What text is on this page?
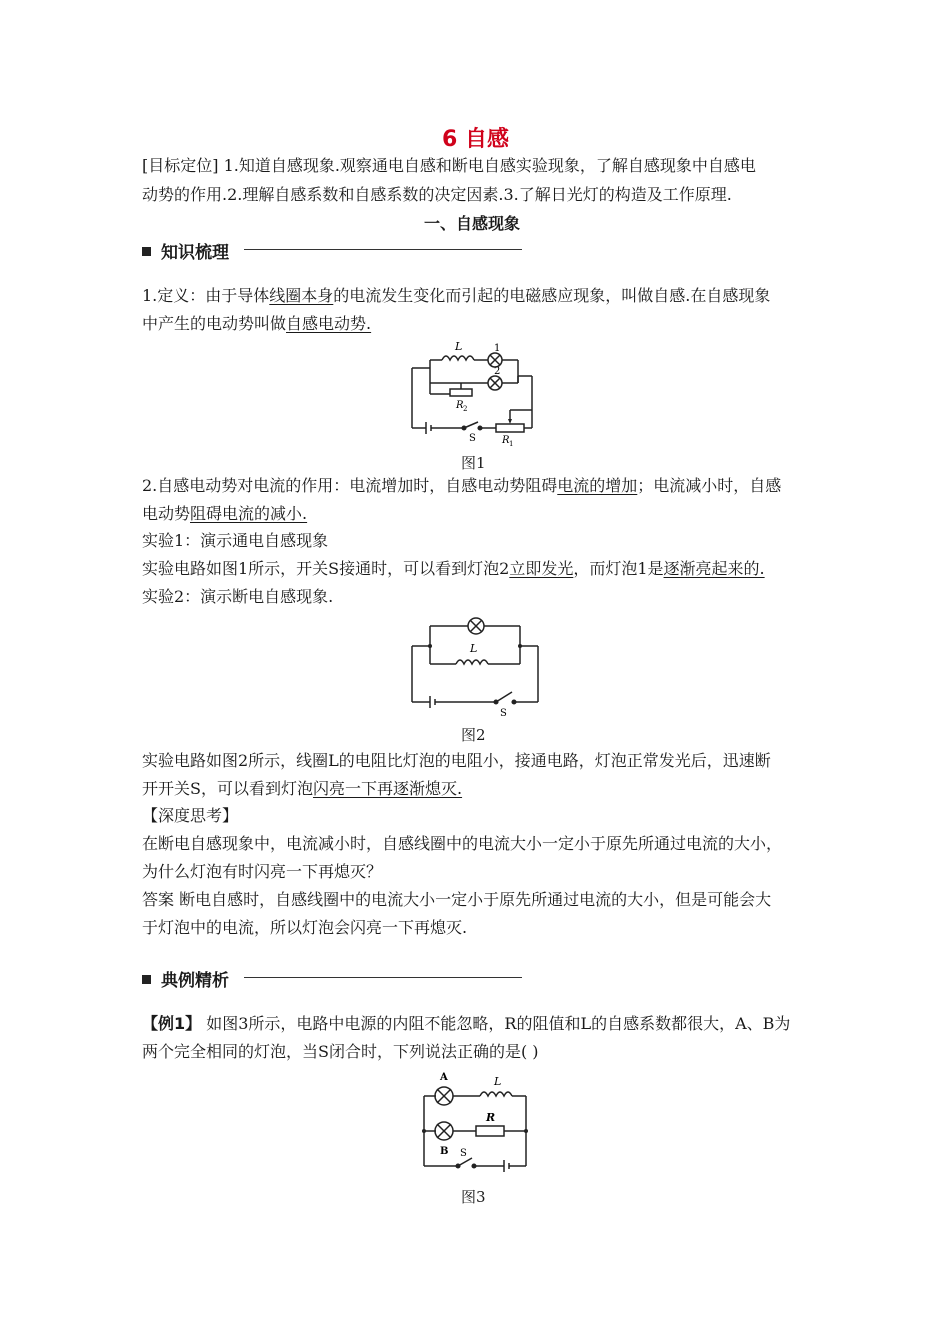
6 自感
[目标定位] 1.知道自感现象.观察通电自感和断电自感实验现象，了解自感现象中自感电
动势的作用.2.理解自感系数和自感系数的决定因素.3.了解日光灯的构造及工作原理.
一、自感现象
知识梳理
1.定义：由于导体线圈本身的电流发生变化而引起的电磁感应现象，叫做自感.在自感现象
中产生的电动势叫做自感电动势.
L	1
2
R 2
S	R 1
图1
2.自感电动势对电流的作用：电流增加时，自感电动势阻碍电流的增加；电流减小时，自感
电动势阻碍电流的减小.
实验1：演示通电自感现象
实验电路如图1所示，开关S接通时，可以看到灯泡2立即发光，而灯泡1是逐渐亮起来的.
实验2：演示断电自感现象.
L
S
图2
实验电路如图2所示，线圈L的电阻比灯泡的电阻小，接通电路，灯泡正常发光后，迅速断
开开关S，可以看到灯泡闪亮一下再逐渐熄灭.
【深度思考】
在断电自感现象中，电流减小时，自感线圈中的电流大小一定小于原先所通过电流的大小，
为什么灯泡有时闪亮一下再熄灭？
答案 断电自感时，自感线圈中的电流大小一定小于原先所通过电流的大小，但是可能会大
于灯泡中的电流，所以灯泡会闪亮一下再熄灭.
典例精析
【例1】 如图3所示，电路中电源的内阻不能忽略，R的阻值和L的自感系数都很大，A、B为
两个完全相同的灯泡，当S闭合时，下列说法正确的是( )
A	L
R
B S
图3
